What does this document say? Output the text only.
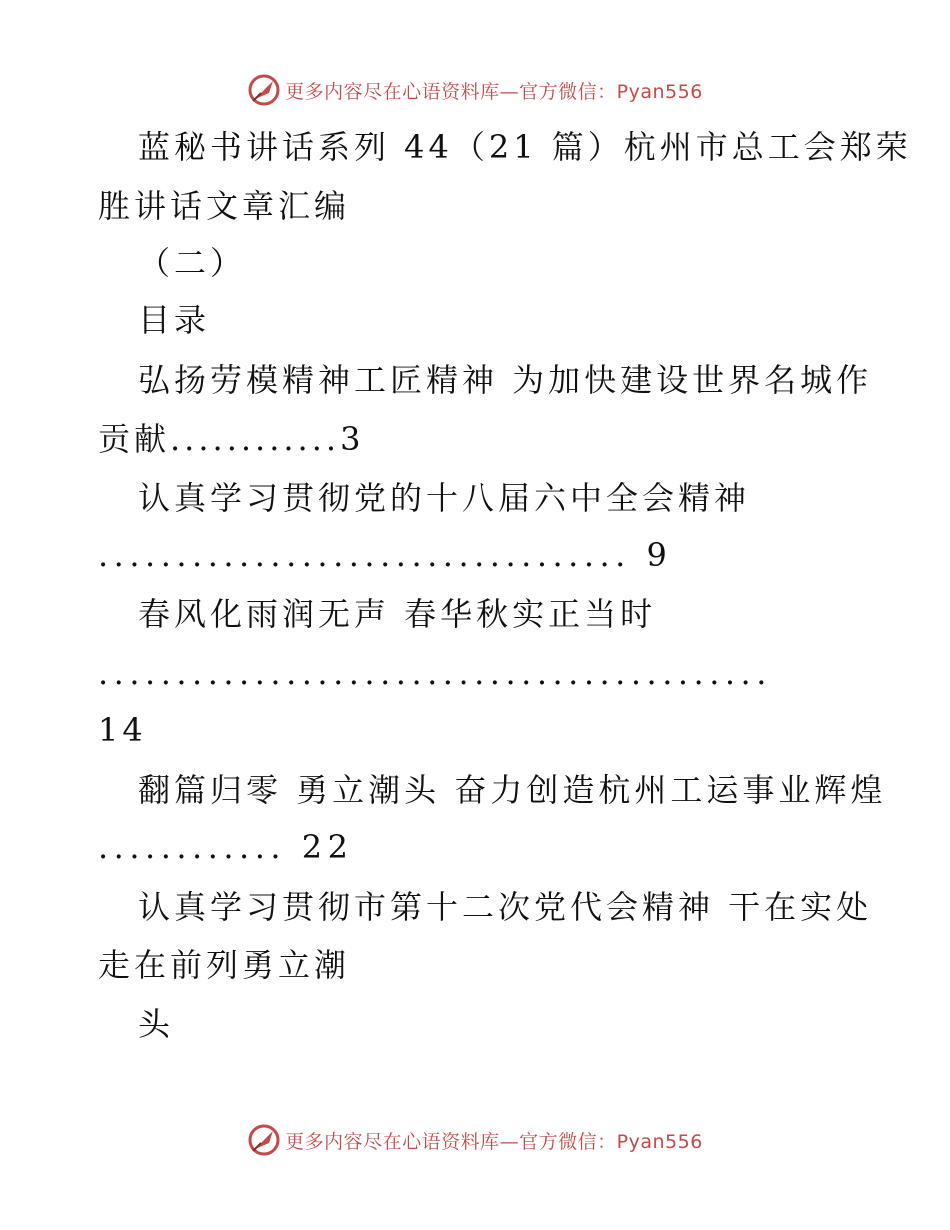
更多内容尽在心语资料库—官方微信：Pyan556
蓝秘书讲话系列 44（21 篇）杭州市总工会郑荣
胜讲话文章汇编
（二）
目录
弘扬劳模精神工匠精神 为加快建设世界名城作
贡献............3
认真学习贯彻党的十八届六中全会精神
.................................. 9
春风化雨润无声 春华秋实正当时
...........................................
14
翻篇归零 勇立潮头 奋力创造杭州工运事业辉煌
............ 22
认真学习贯彻市第十二次党代会精神 干在实处
走在前列勇立潮
头
更多内容尽在心语资料库—官方微信：Pyan556
